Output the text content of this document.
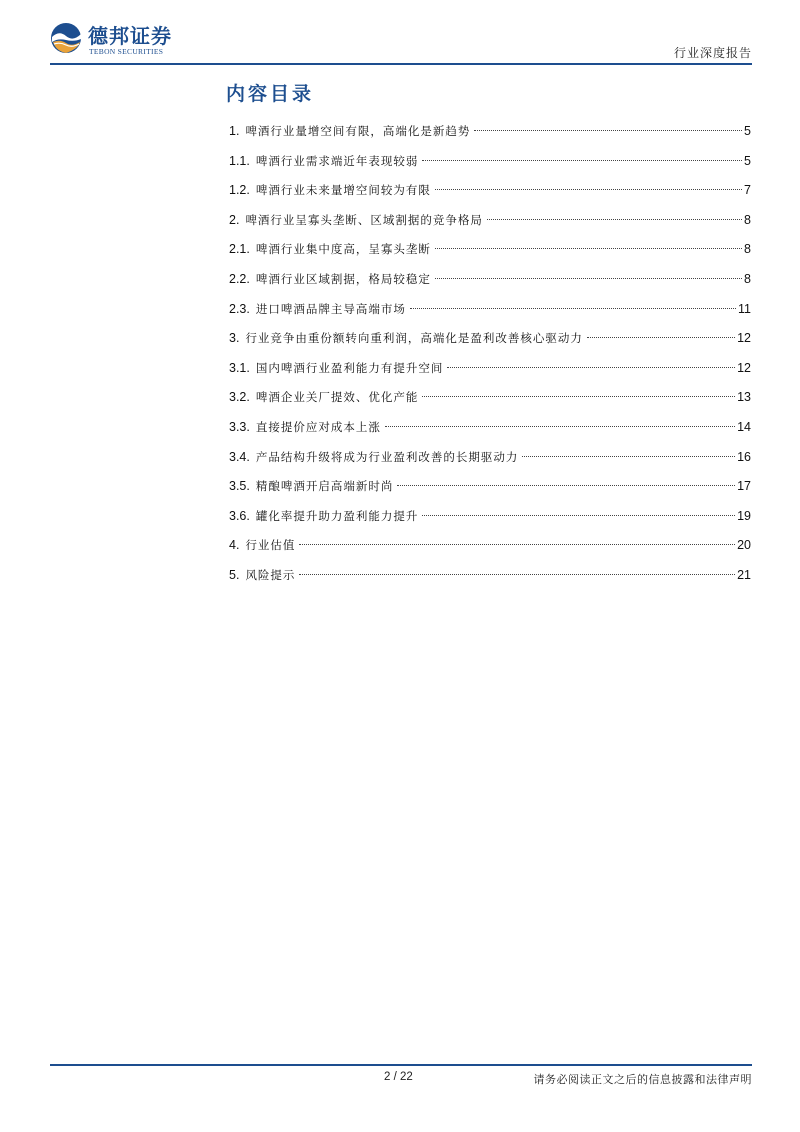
德邦证券
TEBON SECURITIES	行业深度报告
内容目录
1. 啤酒行业量增空间有限，高端化是新趋势	5
1.1. 啤酒行业需求端近年表现较弱	5
1.2. 啤酒行业未来量增空间较为有限	7
2. 啤酒行业呈寡头垄断、区域割据的竞争格局	8
2.1. 啤酒行业集中度高，呈寡头垄断	8
2.2. 啤酒行业区域割据，格局较稳定	8
2.3. 进口啤酒品牌主导高端市场	11
3. 行业竞争由重份额转向重利润，高端化是盈利改善核心驱动力	12
3.1. 国内啤酒行业盈利能力有提升空间	12
3.2. 啤酒企业关厂提效、优化产能	13
3.3. 直接提价应对成本上涨	14
3.4. 产品结构升级将成为行业盈利改善的长期驱动力	16
3.5. 精酿啤酒开启高端新时尚	17
3.6. 罐化率提升助力盈利能力提升	19
4. 行业估值	20
5. 风险提示	21
2 / 22	请务必阅读正文之后的信息披露和法律声明
